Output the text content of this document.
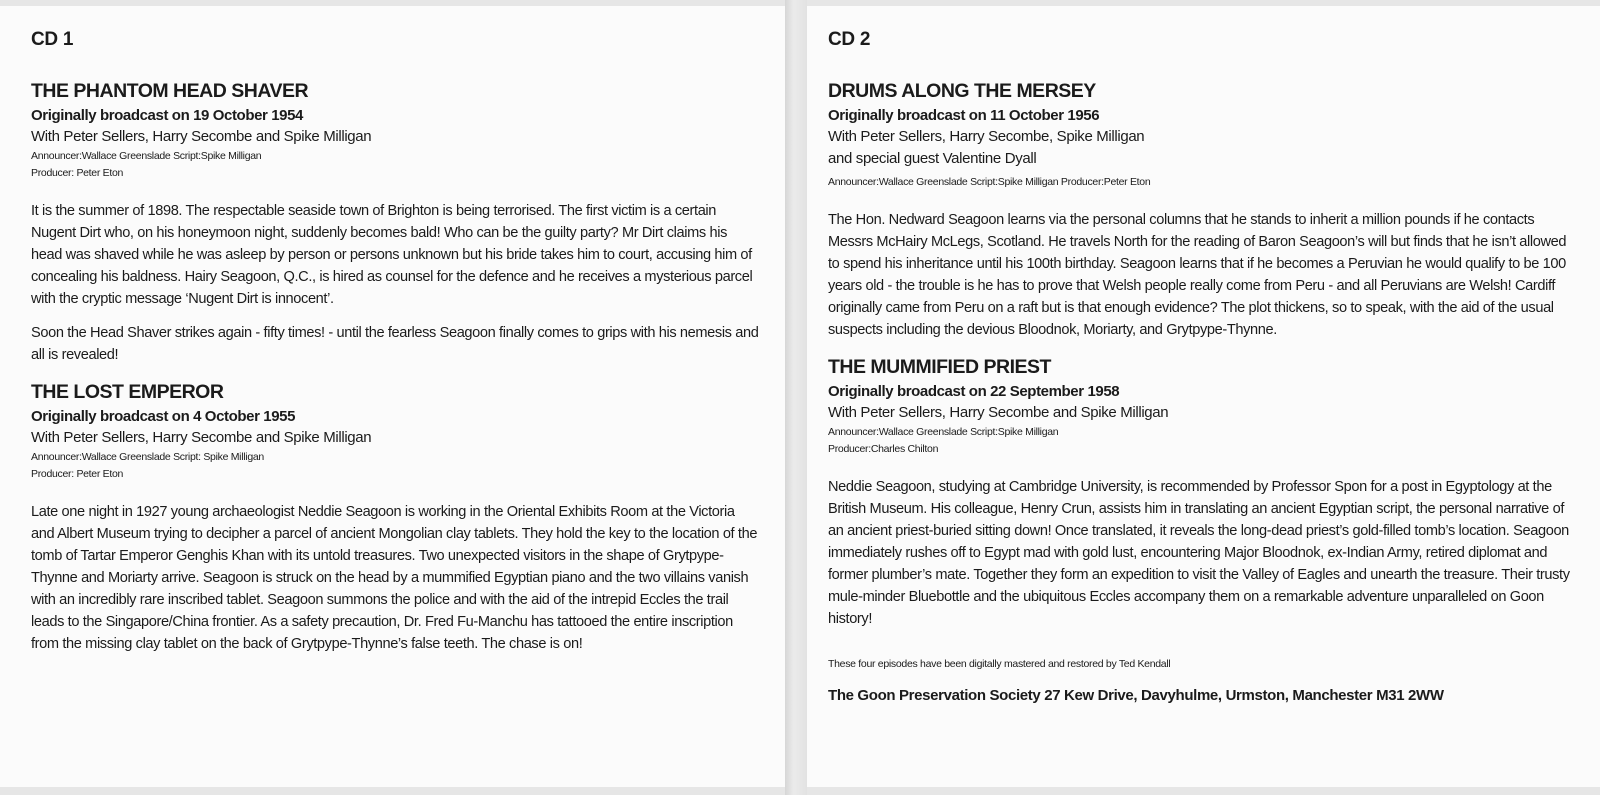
CD 1
THE PHANTOM HEAD SHAVER
Originally broadcast on 19 October 1954
With Peter Sellers, Harry Secombe and Spike Milligan
Announcer:Wallace Greenslade Script:Spike Milligan
Producer: Peter Eton

It is the summer of 1898. The respectable seaside town of Brighton is being terrorised. The first victim is a certain Nugent Dirt who, on his honeymoon night, suddenly becomes bald! Who can be the guilty party? Mr Dirt claims his head was shaved while he was asleep by person or persons unknown but his bride takes him to court, accusing him of concealing his baldness. Hairy Seagoon, Q.C., is hired as counsel for the defence and he receives a mysterious parcel with the cryptic message ‘Nugent Dirt is innocent’.

Soon the Head Shaver strikes again - fifty times! - until the fearless Seagoon finally comes to grips with his nemesis and all is revealed!

THE LOST EMPEROR
Originally broadcast on 4 October 1955
With Peter Sellers, Harry Secombe and Spike Milligan
Announcer:Wallace Greenslade Script: Spike Milligan
Producer: Peter Eton

Late one night in 1927 young archaeologist Neddie Seagoon is working in the Oriental Exhibits Room at the Victoria and Albert Museum trying to decipher a parcel of ancient Mongolian clay tablets. They hold the key to the location of the tomb of Tartar Emperor Genghis Khan with its untold treasures. Two unexpected visitors in the shape of Grytpype-Thynne and Moriarty arrive. Seagoon is struck on the head by a mummified Egyptian piano and the two villains vanish with an incredibly rare inscribed tablet. Seagoon summons the police and with the aid of the intrepid Eccles the trail leads to the Singapore/China frontier. As a safety precaution, Dr. Fred Fu-Manchu has tattooed the entire inscription from the missing clay tablet on the back of Grytpype-Thynne’s false teeth. The chase is on!

CD 2
DRUMS ALONG THE MERSEY
Originally broadcast on 11 October 1956
With Peter Sellers, Harry Secombe, Spike Milligan
and special guest Valentine Dyall
Announcer:Wallace Greenslade Script:Spike Milligan Producer:Peter Eton

The Hon. Nedward Seagoon learns via the personal columns that he stands to inherit a million pounds if he contacts Messrs McHairy McLegs, Scotland. He travels North for the reading of Baron Seagoon’s will but finds that he isn’t allowed to spend his inheritance until his 100th birthday. Seagoon learns that if he becomes a Peruvian he would qualify to be 100 years old - the trouble is he has to prove that Welsh people really come from Peru - and all Peruvians are Welsh! Cardiff originally came from Peru on a raft but is that enough evidence? The plot thickens, so to speak, with the aid of the usual suspects including the devious Bloodnok, Moriarty, and Grytpype-Thynne.

THE MUMMIFIED PRIEST
Originally broadcast on 22 September 1958
With Peter Sellers, Harry Secombe and Spike Milligan
Announcer:Wallace Greenslade Script:Spike Milligan
Producer:Charles Chilton

Neddie Seagoon, studying at Cambridge University, is recommended by Professor Spon for a post in Egyptology at the British Museum. His colleague, Henry Crun, assists him in translating an ancient Egyptian script, the personal narrative of an ancient priest-buried sitting down! Once translated, it reveals the long-dead priest’s gold-filled tomb’s location. Seagoon immediately rushes off to Egypt mad with gold lust, encountering Major Bloodnok, ex-Indian Army, retired diplomat and former plumber’s mate. Together they form an expedition to visit the Valley of Eagles and unearth the treasure. Their trusty mule-minder Bluebottle and the ubiquitous Eccles accompany them on a remarkable adventure unparalleled on Goon history!

These four episodes have been digitally mastered and restored by Ted Kendall
The Goon Preservation Society 27 Kew Drive, Davyhulme, Urmston, Manchester M31 2WW
